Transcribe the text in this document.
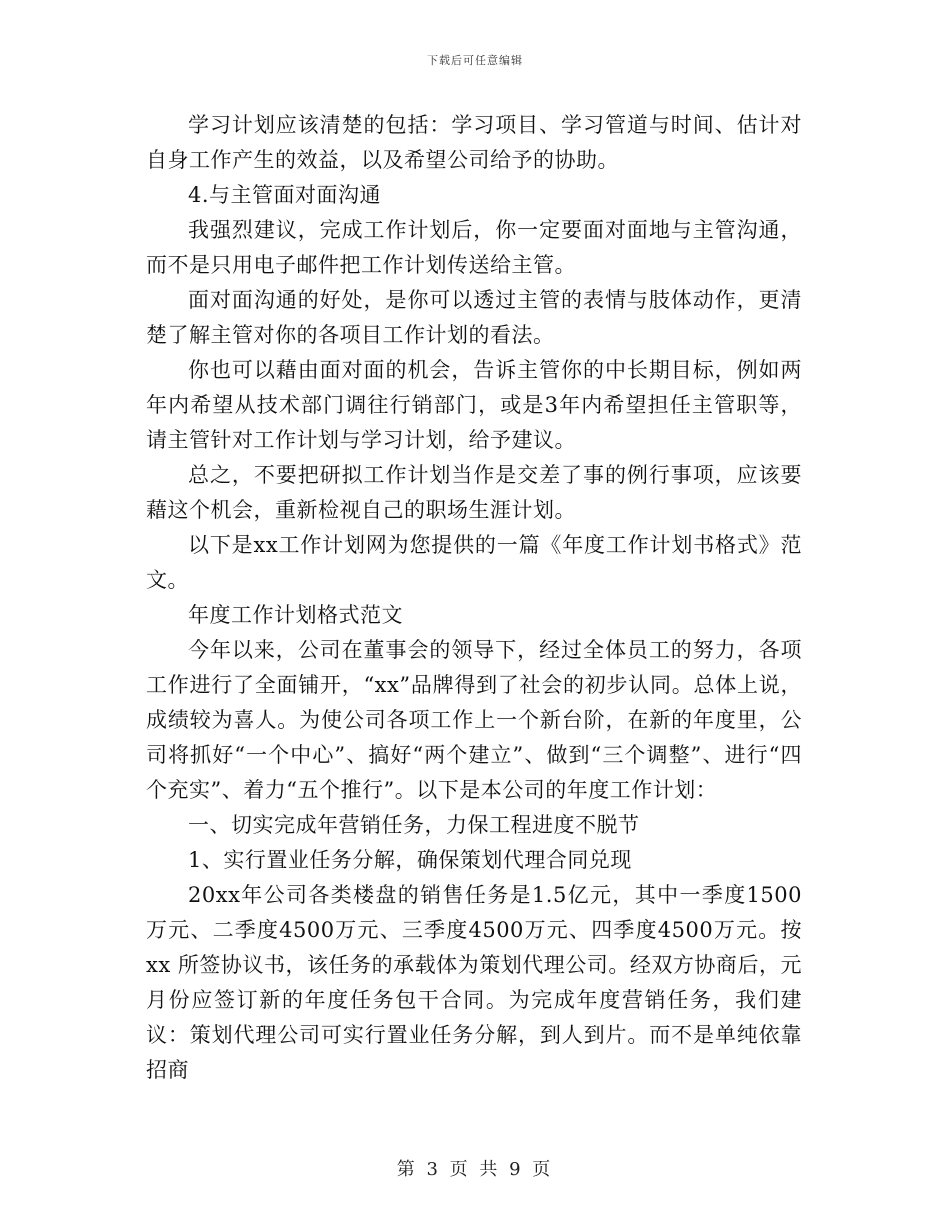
下载后可任意编辑

学习计划应该清楚的包括：学习项目、学习管道与时间、估计对自身工作产生的效益，以及希望公司给予的协助。

4.与主管面对面沟通

我强烈建议，完成工作计划后，你一定要面对面地与主管沟通，而不是只用电子邮件把工作计划传送给主管。

面对面沟通的好处，是你可以透过主管的表情与肢体动作，更清楚了解主管对你的各项目工作计划的看法。

你也可以藉由面对面的机会，告诉主管你的中长期目标，例如两年内希望从技术部门调往行销部门，或是3年内希望担任主管职等，请主管针对工作计划与学习计划，给予建议。

总之，不要把研拟工作计划当作是交差了事的例行事项，应该要藉这个机会，重新检视自己的职场生涯计划。

以下是xx工作计划网为您提供的一篇《年度工作计划书格式》范文。

年度工作计划格式范文

今年以来，公司在董事会的领导下，经过全体员工的努力，各项工作进行了全面铺开，“xx”品牌得到了社会的初步认同。总体上说，成绩较为喜人。为使公司各项工作上一个新台阶，在新的年度里，公司将抓好“一个中心”、搞好“两个建立”、做到“三个调整”、进行“四个充实”、着力“五个推行”。以下是本公司的年度工作计划：

一、切实完成年营销任务，力保工程进度不脱节

1、实行置业任务分解，确保策划代理合同兑现

20xx年公司各类楼盘的销售任务是1.5亿元，其中一季度1500万元、二季度4500万元、三季度4500万元、四季度4500万元。按 xx 所签协议书，该任务的承载体为策划代理公司。经双方协商后，元月份应签订新的年度任务包干合同。为完成年度营销任务，我们建议：策划代理公司可实行置业任务分解，到人到片。而不是单纯依靠招商

第 3 页 共 9 页
